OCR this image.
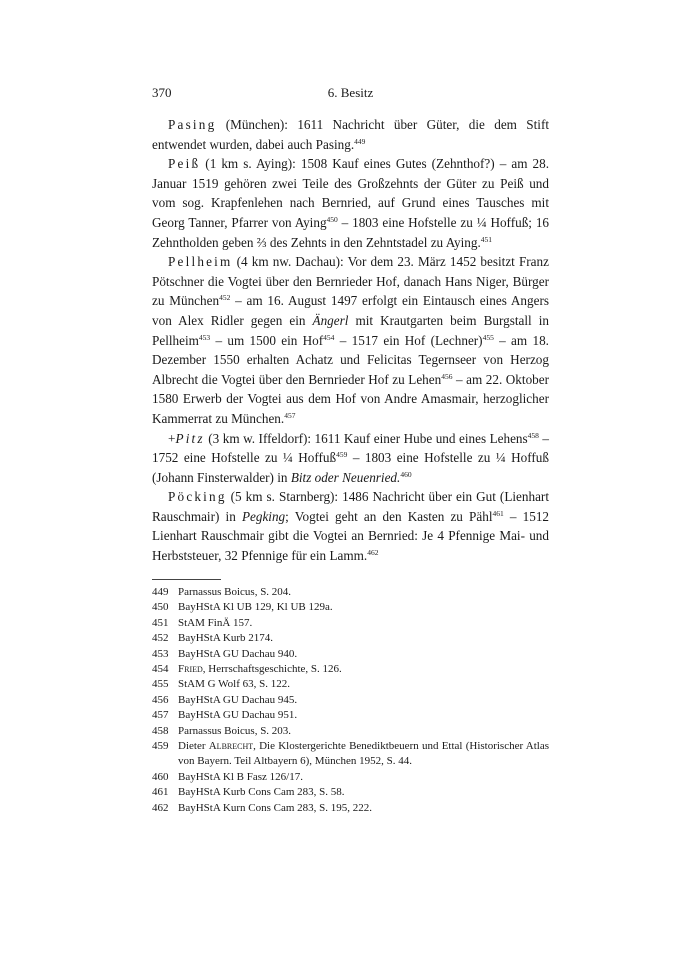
370	6. Besitz

Pasing (München): 1611 Nachricht über Güter, die dem Stift entwendet wurden, dabei auch Pasing.$^{449}$

Peiß (1 km s. Aying): 1508 Kauf eines Gutes (Zehnthof?) – am 28. Januar 1519 gehören zwei Teile des Großzehnts der Güter zu Peiß und vom sog. Krapfenlehen nach Bernried, auf Grund eines Tausches mit Georg Tanner, Pfarrer von Aying$^{450}$ – 1803 eine Hofstelle zu ¼ Hoffuß; 16 Zehntholden geben ⅔ des Zehnts in den Zehntstadel zu Aying.$^{451}$

Pellheim (4 km nw. Dachau): Vor dem 23. März 1452 besitzt Franz Pötschner die Vogtei über den Bernrieder Hof, danach Hans Niger, Bürger zu München$^{452}$ – am 16. August 1497 erfolgt ein Eintausch eines Angers von Alex Ridler gegen ein Ängerl mit Krautgarten beim Burgstall in Pellheim$^{453}$ – um 1500 ein Hof$^{454}$ – 1517 ein Hof (Lechner)$^{455}$ – am 18. Dezember 1550 erhalten Achatz und Felicitas Tegernseer von Herzog Albrecht die Vogtei über den Bernrieder Hof zu Lehen$^{456}$ – am 22. Oktober 1580 Erwerb der Vogtei aus dem Hof von Andre Amasmair, herzoglicher Kammerrat zu München.$^{457}$

+Pitz (3 km w. Iffeldorf): 1611 Kauf einer Hube und eines Lehens$^{458}$ – 1752 eine Hofstelle zu ¼ Hoffuß$^{459}$ – 1803 eine Hofstelle zu ¼ Hoffuß (Johann Finsterwalder) in Bitz oder Neuenried.$^{460}$

Pöcking (5 km s. Starnberg): 1486 Nachricht über ein Gut (Lienhart Rauschmair) in Pegking; Vogtei geht an den Kasten zu Pähl$^{461}$ – 1512 Lienhart Rauschmair gibt die Vogtei an Bernried: Je 4 Pfennige Mai- und Herbststeuer, 32 Pfennige für ein Lamm.$^{462}$

449 Parnassus Boicus, S. 204.
450 BayHStA Kl UB 129, Kl UB 129a.
451 StAM FinÄ 157.
452 BayHStA Kurb 2174.
453 BayHStA GU Dachau 940.
454 Fried, Herrschaftsgeschichte, S. 126.
455 StAM G Wolf 63, S. 122.
456 BayHStA GU Dachau 945.
457 BayHStA GU Dachau 951.
458 Parnassus Boicus, S. 203.
459 Dieter Albrecht, Die Klostergerichte Benediktbeuern und Ettal (Historischer Atlas von Bayern. Teil Altbayern 6), München 1952, S. 44.
460 BayHStA Kl B Fasz 126/17.
461 BayHStA Kurb Cons Cam 283, S. 58.
462 BayHStA Kurn Cons Cam 283, S. 195, 222.
